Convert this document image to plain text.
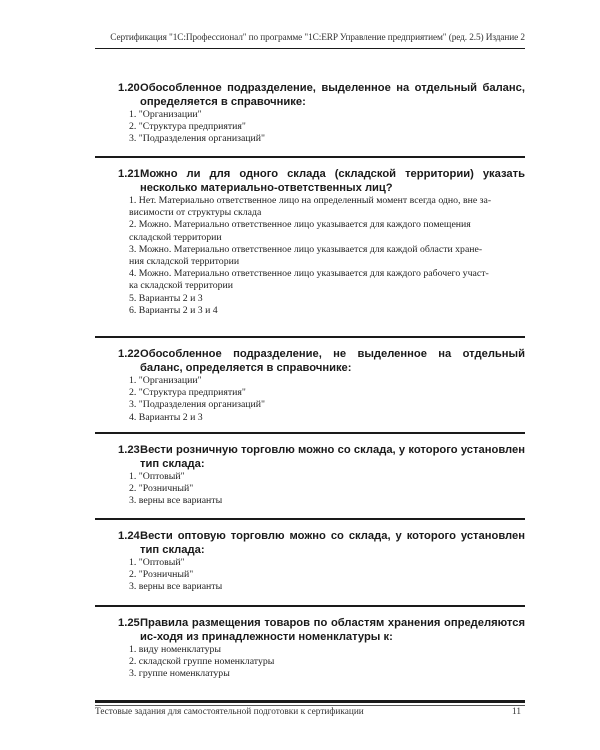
Сертификация "1С:Профессионал" по программе "1С:ERP Управление предприятием" (ред. 2.5) Издание 2
1.20 Обособленное подразделение, выделенное на отдельный баланс, определяется в справочнике:
1. "Организации"
2. "Структура предприятия"
3. "Подразделения организаций"
1.21 Можно ли для одного склада (складской территории) указать несколько материально-ответственных лиц?
1. Нет. Материально ответственное лицо на определенный момент всегда одно, вне за-
висимости от структуры склада
2. Можно. Материально ответственное лицо указывается для каждого помещения
складской территории
3. Можно. Материально ответственное лицо указывается для каждой области хране-
ния складской территории
4. Можно. Материально ответственное лицо указывается для каждого рабочего участ-
ка складской территории
5. Варианты 2 и 3
6. Варианты 2 и 3 и 4
1.22 Обособленное подразделение, не выделенное на отдельный баланс, определяется в справочнике:
1. "Организации"
2. "Структура предприятия"
3. "Подразделения организаций"
4. Варианты 2 и 3
1.23 Вести розничную торговлю можно со склада, у которого установлен тип склада:
1. "Оптовый"
2. "Розничный"
3. верны все варианты
1.24 Вести оптовую торговлю можно со склада, у которого установлен тип склада:
1. "Оптовый"
2. "Розничный"
3. верны все варианты
1.25 Правила размещения товаров по областям хранения определяются ис-ходя из принадлежности номенклатуры к:
1. виду номенклатуры
2. складской группе номенклатуры
3. группе номенклатуры
Тестовые задания для самостоятельной подготовки к сертификации	11
